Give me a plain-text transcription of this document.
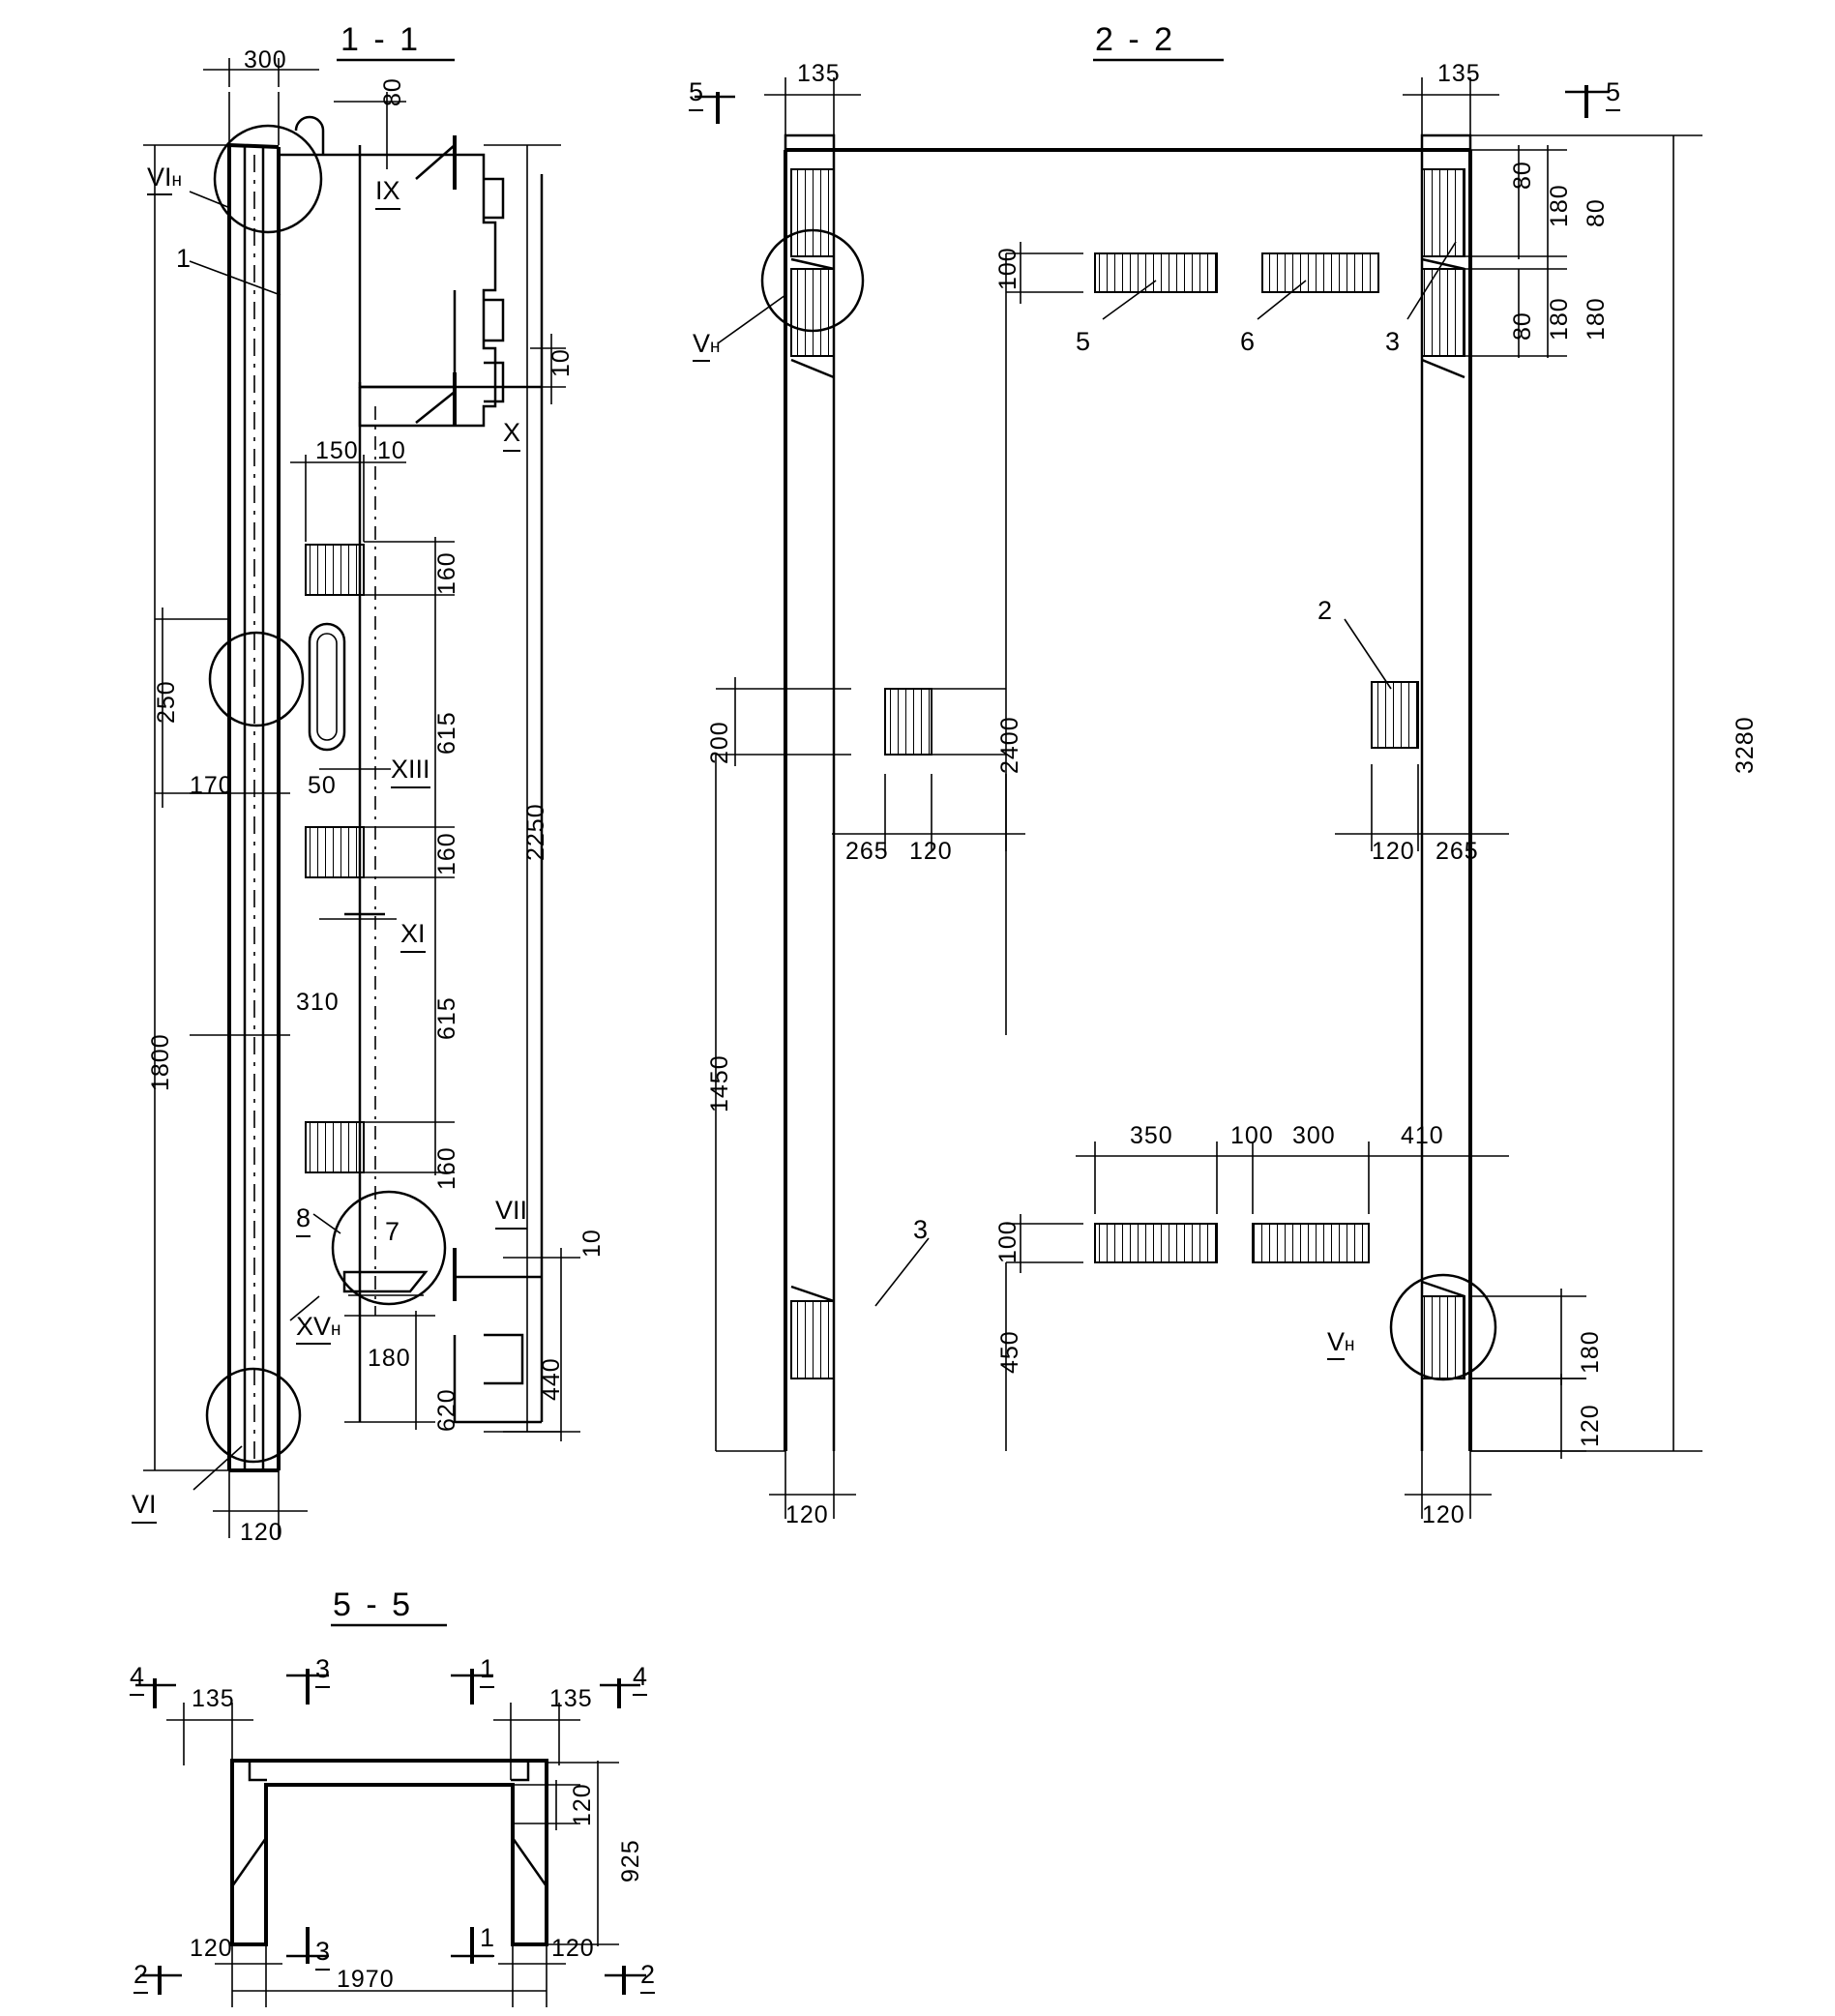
1 - 1
300
80
10
150 10
250
160
615
2250
170	50
160
615
310
1800
160
10
440
180
620
120
VIн
1
IX
X
XIII
XI
VII
8	7
XVн
VI
2 - 2
135	135
5	5
180 80
80 180
80
180
3280
100
200	2400
265 120	120 265
1450
350 100 300	410
100
450	180
120
120	120
Vн	5	6	3
2
3
Vн
5 - 5
135	135
4	4
3	1
3	1
2	2
120
925
120	120
1970
